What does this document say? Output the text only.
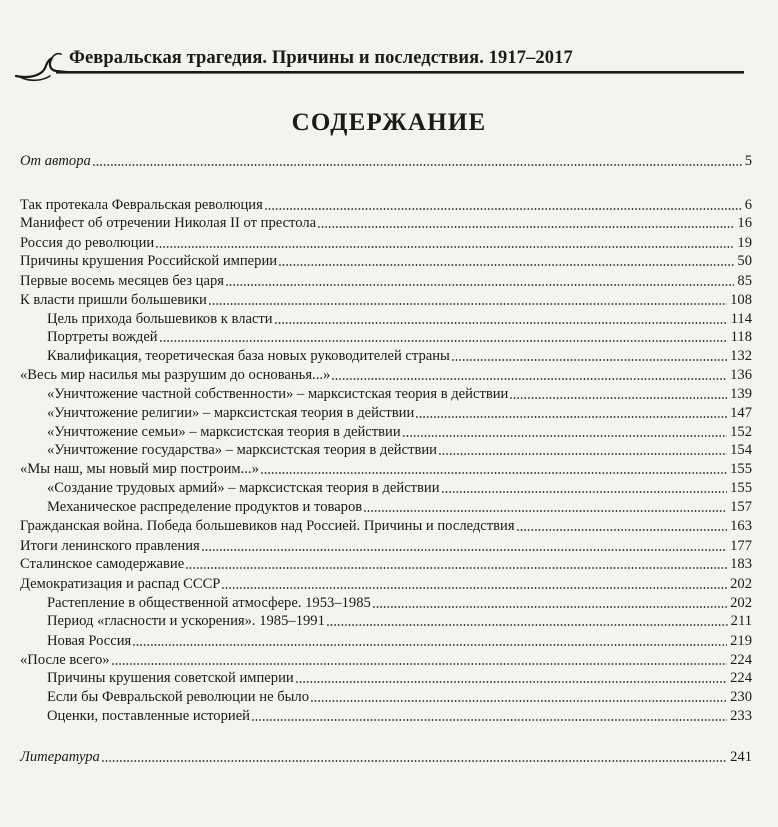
Февральская трагедия. Причины и последствия. 1917–2017
СОДЕРЖАНИЕ
От автора	5
Так протекала Февральская революция	6
Манифест об отречении Николая II от престола	16
Россия до революции	19
Причины крушения Российской империи	50
Первые восемь месяцев без царя	85
К власти пришли большевики	108
Цель прихода большевиков к власти	114
Портреты вождей	118
Квалификация, теоретическая база новых руководителей страны	132
«Весь мир насилья мы разрушим до основанья...»	136
«Уничтожение частной собственности» – марксистская теория в действии	139
«Уничтожение религии» – марксистская теория в действии	147
«Уничтожение семьи» – марксистская теория в действии	152
«Уничтожение государства» – марксистская теория в действии	154
«Мы наш, мы новый мир построим...»	155
«Создание трудовых армий» – марксистская теория в действии	155
Механическое распределение продуктов и товаров	157
Гражданская война. Победа большевиков над Россией. Причины и последствия	163
Итоги ленинского правления	177
Сталинское самодержавие	183
Демократизация и распад СССР	202
Растепление в общественной атмосфере. 1953–1985	202
Период «гласности и ускорения». 1985–1991	211
Новая Россия	219
«После всего»	224
Причины крушения советской империи	224
Если бы Февральской революции не было	230
Оценки, поставленные историей	233
Литература	241
